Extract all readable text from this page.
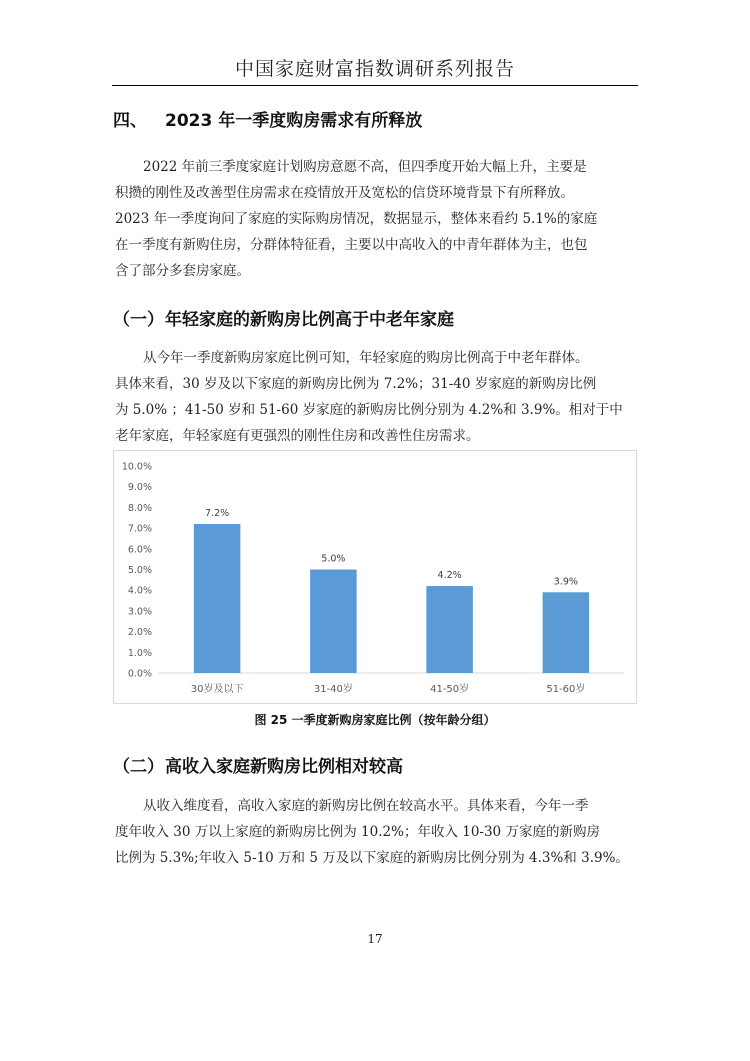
中国家庭财富指数调研系列报告
四、 2023 年一季度购房需求有所释放
2022 年前三季度家庭计划购房意愿不高，但四季度开始大幅上升，主要是
积攒的刚性及改善型住房需求在疫情放开及宽松的信贷环境背景下有所释放。
2023 年一季度询问了家庭的实际购房情况，数据显示，整体来看约 5.1%的家庭
在一季度有新购住房，分群体特征看，主要以中高收入的中青年群体为主，也包
含了部分多套房家庭。
（一）年轻家庭的新购房比例高于中老年家庭
从今年一季度新购房家庭比例可知，年轻家庭的购房比例高于中老年群体。
具体来看，30 岁及以下家庭的新购房比例为 7.2%；31-40 岁家庭的新购房比例
为 5.0% ；41-50 岁和 51-60 岁家庭的新购房比例分别为 4.2%和 3.9%。相对于中
老年家庭，年轻家庭有更强烈的刚性住房和改善性住房需求。
0.0%
1.0%
2.0%
3.0%
4.0%
5.0%
6.0%
7.0%
8.0%
9.0%
10.0%
7.2%
30岁及以下
5.0%
31-40岁
4.2%
41-50岁
3.9%
51-60岁
图 25 一季度新购房家庭比例（按年龄分组）
（二）高收入家庭新购房比例相对较高
从收入维度看，高收入家庭的新购房比例在较高水平。具体来看，今年一季
度年收入 30 万以上家庭的新购房比例为 10.2%；年收入 10-30 万家庭的新购房
比例为 5.3%;年收入 5-10 万和 5 万及以下家庭的新购房比例分别为 4.3%和 3.9%。
17
